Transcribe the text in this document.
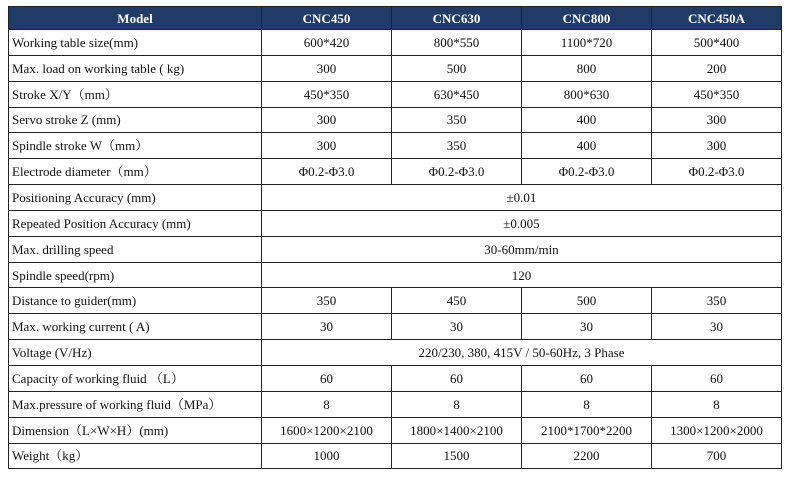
Model	CNC450	CNC630	CNC800	CNC450A
Working table size(mm)	600*420	800*550	1100*720	500*400
Max. load on working table ( kg)	300	500	800	200
Stroke X/Y（mm）	450*350	630*450	800*630	450*350
Servo stroke Z (mm)	300	350	400	300
Spindle stroke W（mm）	300	350	400	300
Electrode diameter（mm）	Φ0.2-Φ3.0	Φ0.2-Φ3.0	Φ0.2-Φ3.0	Φ0.2-Φ3.0
Positioning Accuracy (mm)	±0.01			
Repeated Position Accuracy (mm)	±0.005			
Max. drilling speed	30-60mm/min			
Spindle speed(rpm)	120			
Distance to guider(mm)	350	450	500	350
Max. working current ( A)	30	30	30	30
Voltage (V/Hz)	220/230, 380, 415V / 50-60Hz, 3 Phase			
Capacity of working fluid （L）	60	60	60	60
Max.pressure of working fluid（MPa）	8	8	8	8
Dimension（L×W×H）(mm)	1600×1200×2100	1800×1400×2100	2100*1700*2200	1300×1200×2000
Weight（kg）	1000	1500	2200	700
